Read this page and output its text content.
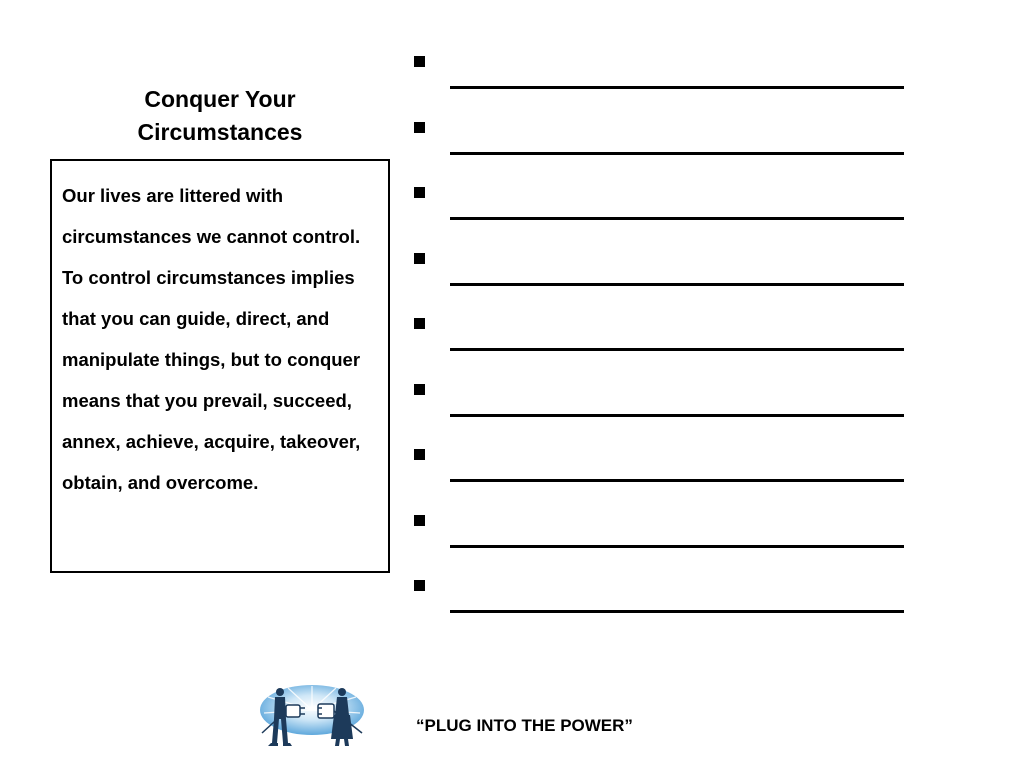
Conquer Your Circumstances
Our lives are littered with circumstances we cannot control. To control circumstances implies that you can guide, direct, and manipulate things, but to conquer means that you prevail, succeed, annex, achieve, acquire, takeover, obtain, and overcome.
“PLUG INTO THE POWER”
